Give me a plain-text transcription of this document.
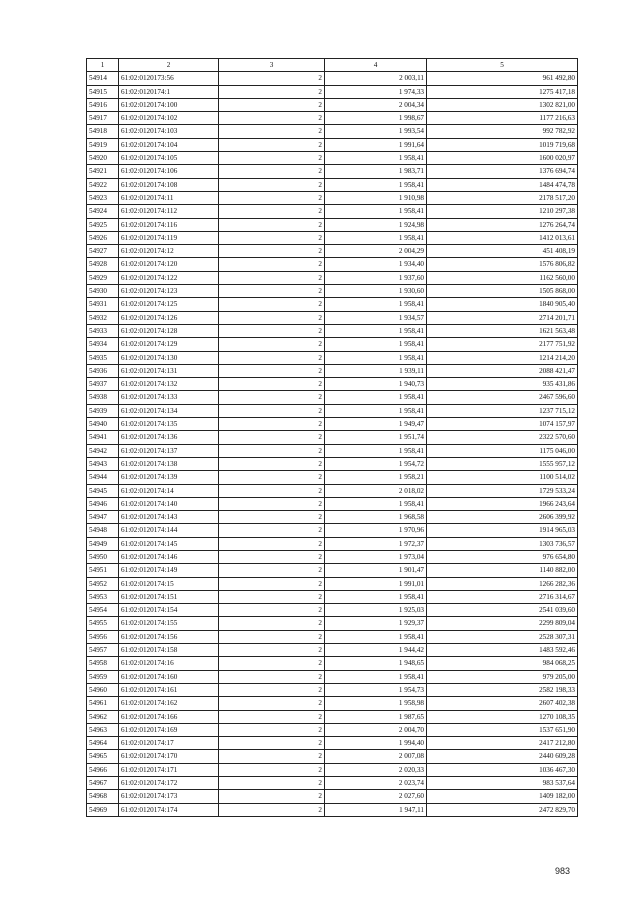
1	2	3	4	5
54914	61:02:0120173:56	2	2 003,11	961 492,80
54915	61:02:0120174:1	2	1 974,33	1275 417,18
54916	61:02:0120174:100	2	2 004,34	1302 821,00
54917	61:02:0120174:102	2	1 998,67	1177 216,63
54918	61:02:0120174:103	2	1 993,54	992 782,92
54919	61:02:0120174:104	2	1 991,64	1019 719,68
54920	61:02:0120174:105	2	1 958,41	1600 020,97
54921	61:02:0120174:106	2	1 983,71	1376 694,74
54922	61:02:0120174:108	2	1 958,41	1484 474,78
54923	61:02:0120174:11	2	1 910,98	2178 517,20
54924	61:02:0120174:112	2	1 958,41	1210 297,38
54925	61:02:0120174:116	2	1 924,98	1276 264,74
54926	61:02:0120174:119	2	1 958,41	1412 013,61
54927	61:02:0120174:12	2	2 004,29	451 408,19
54928	61:02:0120174:120	2	1 934,40	1576 806,82
54929	61:02:0120174:122	2	1 937,60	1162 560,00
54930	61:02:0120174:123	2	1 930,60	1505 868,00
54931	61:02:0120174:125	2	1 958,41	1840 905,40
54932	61:02:0120174:126	2	1 934,57	2714 201,71
54933	61:02:0120174:128	2	1 958,41	1621 563,48
54934	61:02:0120174:129	2	1 958,41	2177 751,92
54935	61:02:0120174:130	2	1 958,41	1214 214,20
54936	61:02:0120174:131	2	1 939,11	2088 421,47
54937	61:02:0120174:132	2	1 940,73	935 431,86
54938	61:02:0120174:133	2	1 958,41	2467 596,60
54939	61:02:0120174:134	2	1 958,41	1237 715,12
54940	61:02:0120174:135	2	1 949,47	1074 157,97
54941	61:02:0120174:136	2	1 951,74	2322 570,60
54942	61:02:0120174:137	2	1 958,41	1175 046,00
54943	61:02:0120174:138	2	1 954,72	1555 957,12
54944	61:02:0120174:139	2	1 958,21	1100 514,02
54945	61:02:0120174:14	2	2 018,02	1729 533,24
54946	61:02:0120174:140	2	1 958,41	1966 243,64
54947	61:02:0120174:143	2	1 968,58	2606 399,92
54948	61:02:0120174:144	2	1 970,96	1914 965,03
54949	61:02:0120174:145	2	1 972,37	1303 736,57
54950	61:02:0120174:146	2	1 973,04	976 654,80
54951	61:02:0120174:149	2	1 901,47	1140 882,00
54952	61:02:0120174:15	2	1 991,01	1266 282,36
54953	61:02:0120174:151	2	1 958,41	2716 314,67
54954	61:02:0120174:154	2	1 925,03	2541 039,60
54955	61:02:0120174:155	2	1 929,37	2299 809,04
54956	61:02:0120174:156	2	1 958,41	2528 307,31
54957	61:02:0120174:158	2	1 944,42	1483 592,46
54958	61:02:0120174:16	2	1 948,65	984 068,25
54959	61:02:0120174:160	2	1 958,41	979 205,00
54960	61:02:0120174:161	2	1 954,73	2582 198,33
54961	61:02:0120174:162	2	1 958,98	2607 402,38
54962	61:02:0120174:166	2	1 987,65	1270 108,35
54963	61:02:0120174:169	2	2 004,70	1537 651,90
54964	61:02:0120174:17	2	1 994,40	2417 212,80
54965	61:02:0120174:170	2	2 007,08	2440 609,28
54966	61:02:0120174:171	2	2 020,33	1036 467,30
54967	61:02:0120174:172	2	2 023,74	983 537,64
54968	61:02:0120174:173	2	2 027,60	1409 182,00
54969	61:02:0120174:174	2	1 947,11	2472 829,70
983
